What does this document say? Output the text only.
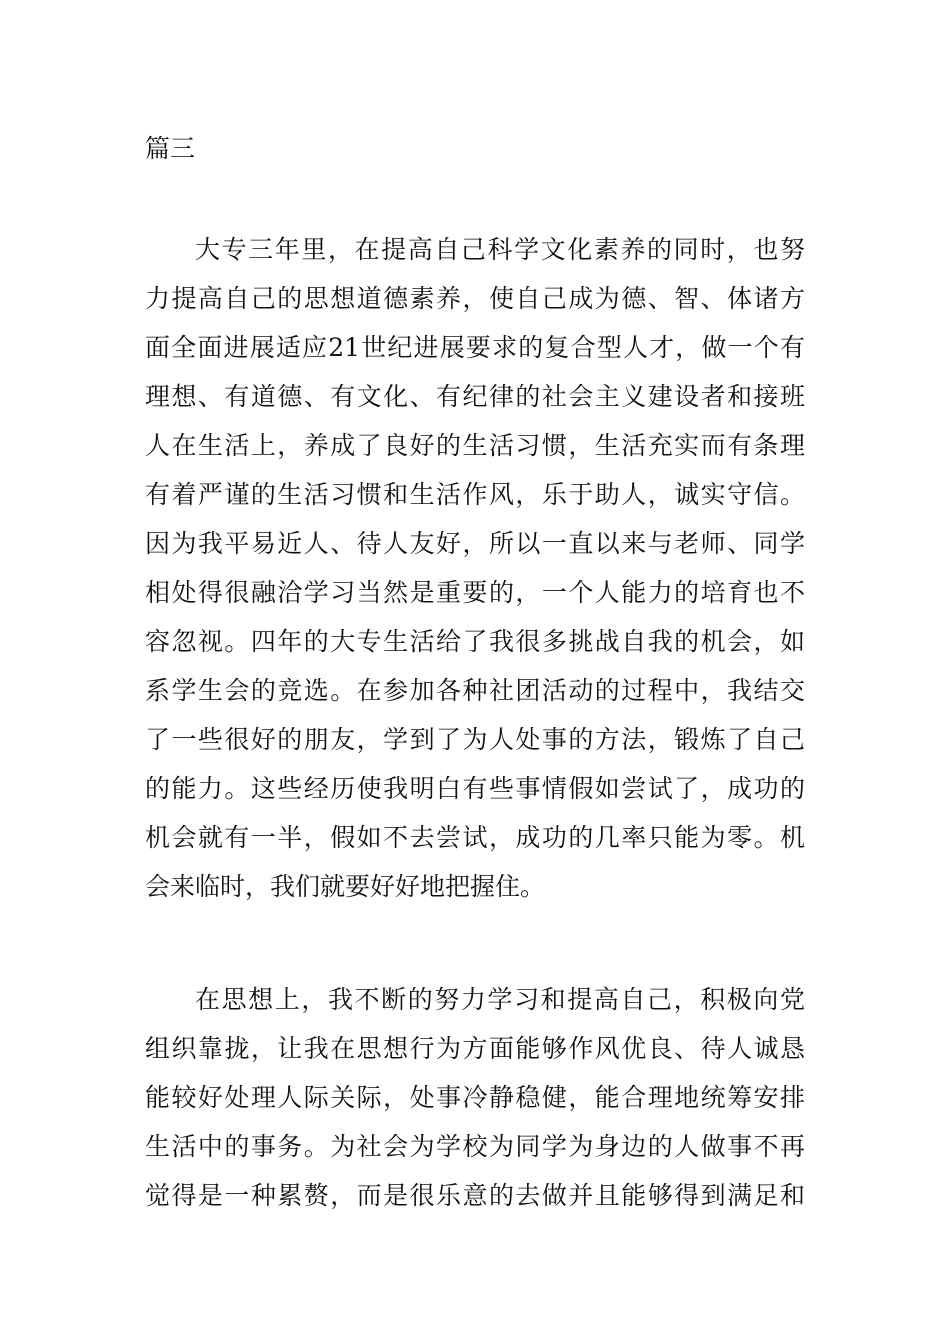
篇三

大专三年里，在提高自己科学文化素养的同时，也努
力提高自己的思想道德素养，使自己成为德、智、体诸方
面全面进展适应21世纪进展要求的复合型人才，做一个有
理想、有道德、有文化、有纪律的社会主义建设者和接班
人在生活上，养成了良好的生活习惯，生活充实而有条理
有着严谨的生活习惯和生活作风，乐于助人，诚实守信。
因为我平易近人、待人友好，所以一直以来与老师、同学
相处得很融洽学习当然是重要的，一个人能力的培育也不
容忽视。四年的大专生活给了我很多挑战自我的机会，如
系学生会的竞选。在参加各种社团活动的过程中，我结交
了一些很好的朋友，学到了为人处事的方法，锻炼了自己
的能力。这些经历使我明白有些事情假如尝试了，成功的
机会就有一半，假如不去尝试，成功的几率只能为零。机
会来临时，我们就要好好地把握住。

在思想上，我不断的努力学习和提高自己，积极向党
组织靠拢，让我在思想行为方面能够作风优良、待人诚恳
能较好处理人际关际，处事冷静稳健，能合理地统筹安排
生活中的事务。为社会为学校为同学为身边的人做事不再
觉得是一种累赘，而是很乐意的去做并且能够得到满足和
